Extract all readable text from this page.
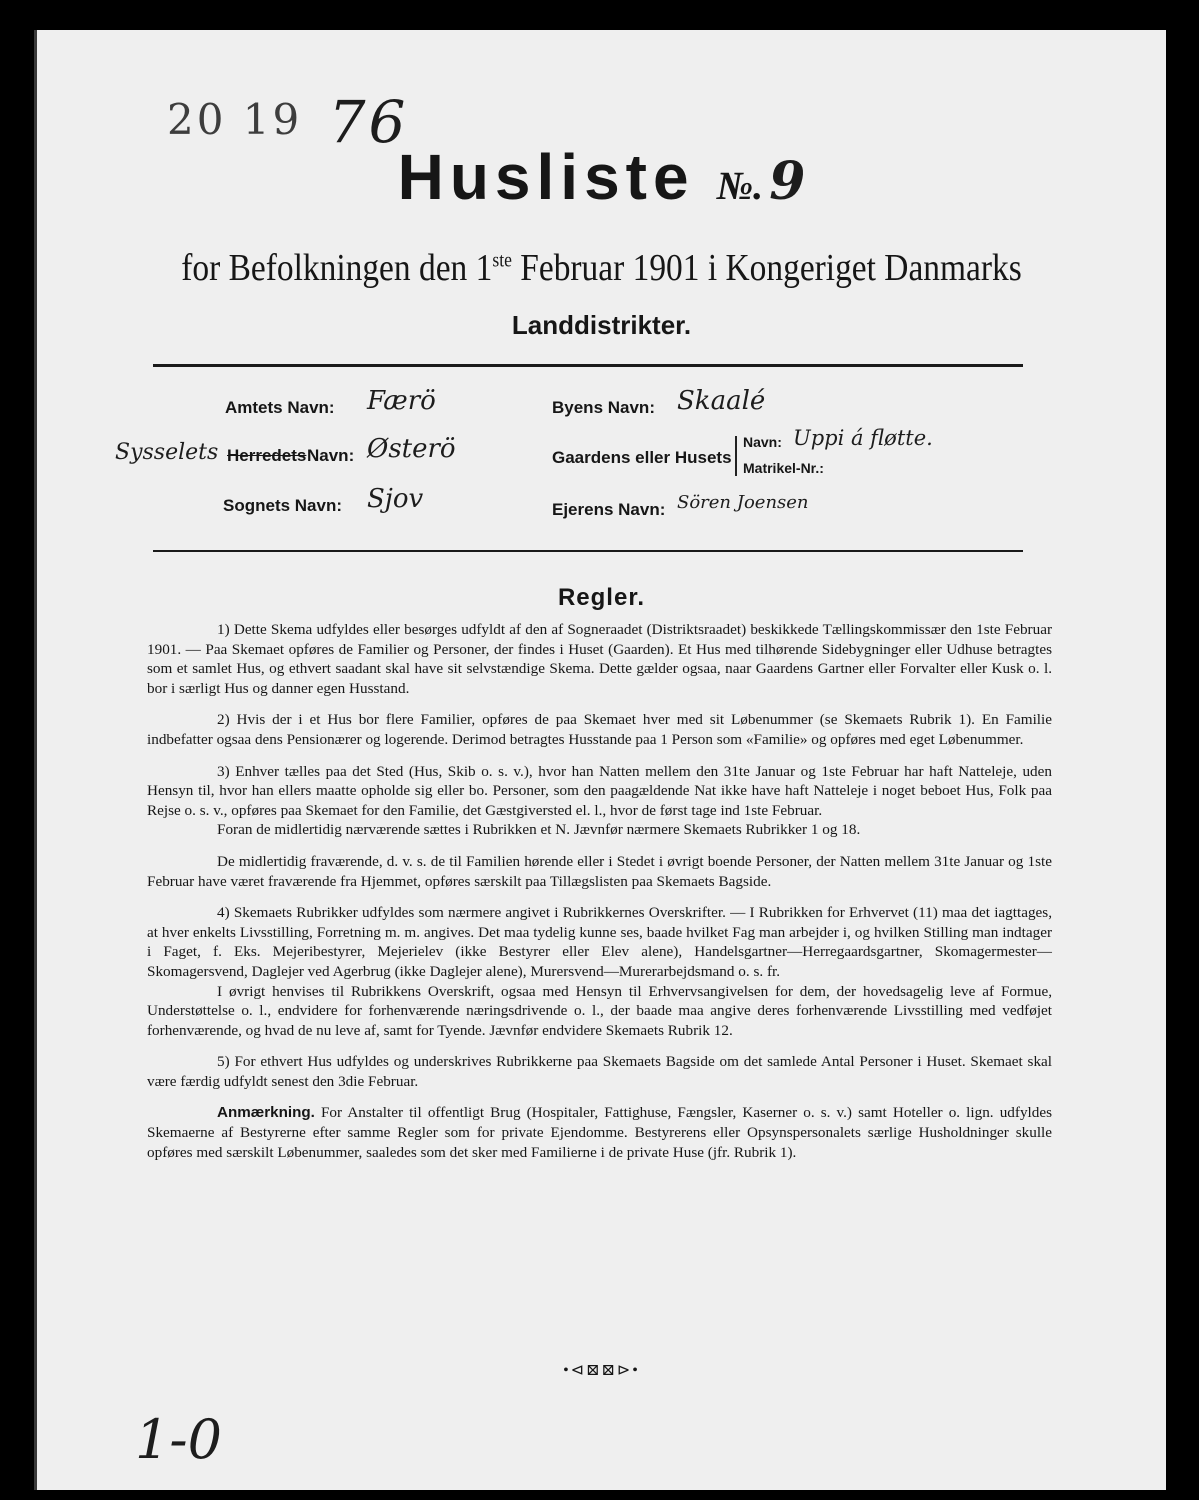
20 19 76
Husliste №. 9
for Befolkningen den 1ste Februar 1901 i Kongeriget Danmarks
Landdistrikter.
Amtets Navn: Færö
Sysselets Herredets Navn: Østerö
Sognets Navn: Sjov
Byens Navn: Skaalé
Gaardens eller Husets
Navn: Uppi á fløtte.
Matrikel-Nr.:
Ejerens Navn: Sören Joensen
Regler.

1) Dette Skema udfyldes eller besørges udfyldt af den af Sogneraadet (Distriktsraadet) beskikkede Tællingskommissær den 1ste Februar 1901. — Paa Skemaet opføres de Familier og Personer, der findes i Huset (Gaarden). Et Hus med tilhørende Sidebygninger eller Udhuse betragtes som et samlet Hus, og ethvert saadant skal have sit selvstændige Skema. Dette gælder ogsaa, naar Gaardens Gartner eller Forvalter eller Kusk o. l. bor i særligt Hus og danner egen Husstand.

2) Hvis der i et Hus bor flere Familier, opføres de paa Skemaet hver med sit Løbenummer (se Skemaets Rubrik 1). En Familie indbefatter ogsaa dens Pensionærer og logerende. Derimod betragtes Husstande paa 1 Person som «Familie» og opføres med eget Løbenummer.

3) Enhver tælles paa det Sted (Hus, Skib o. s. v.), hvor han Natten mellem den 31te Januar og 1ste Februar har haft Natteleje, uden Hensyn til, hvor han ellers maatte opholde sig eller bo. Personer, som den paagældende Nat ikke have haft Natteleje i noget beboet Hus, Folk paa Rejse o. s. v., opføres paa Skemaet for den Familie, det Gæstgiversted el. l., hvor de først tage ind 1ste Februar.

Foran de midlertidig nærværende sættes i Rubrikken et N. Jævnfør nærmere Skemaets Rubrikker 1 og 18.

De midlertidig fraværende, d. v. s. de til Familien hørende eller i Stedet i øvrigt boende Personer, der Natten mellem 31te Januar og 1ste Februar have været fraværende fra Hjemmet, opføres særskilt paa Tillægslisten paa Skemaets Bagside.

4) Skemaets Rubrikker udfyldes som nærmere angivet i Rubrikkernes Overskrifter. — I Rubrikken for Erhvervet (11) maa det iagttages, at hver enkelts Livsstilling, Forretning m. m. angives. Det maa tydelig kunne ses, baade hvilket Fag man arbejder i, og hvilken Stilling man indtager i Faget, f. Eks. Mejeribestyrer, Mejerielev (ikke Bestyrer eller Elev alene), Handelsgartner—Herregaardsgartner, Skomagermester—Skomagersvend, Daglejer ved Agerbrug (ikke Daglejer alene), Murersvend—Murerarbejdsmand o. s. fr.

I øvrigt henvises til Rubrikkens Overskrift, ogsaa med Hensyn til Erhvervsangivelsen for dem, der hovedsagelig leve af Formue, Understøttelse o. l., endvidere for forhenværende næringsdrivende o. l., der baade maa angive deres forhenværende Livsstilling med vedføjet forhenværende, og hvad de nu leve af, samt for Tyende. Jævnfør endvidere Skemaets Rubrik 12.

5) For ethvert Hus udfyldes og underskrives Rubrikkerne paa Skemaets Bagside om det samlede Antal Personer i Huset. Skemaet skal være færdig udfyldt senest den 3die Februar.

Anmærkning. For Anstalter til offentligt Brug (Hospitaler, Fattighuse, Fængsler, Kaserner o. s. v.) samt Hoteller o. lign. udfyldes Skemaerne af Bestyrerne efter samme Regler som for private Ejendomme. Bestyrerens eller Opsynspersonalets særlige Husholdninger skulle opføres med særskilt Løbenummer, saaledes som det sker med Familierne i de private Huse (jfr. Rubrik 1).

•⊲⊠⊠⊳•
1-0
